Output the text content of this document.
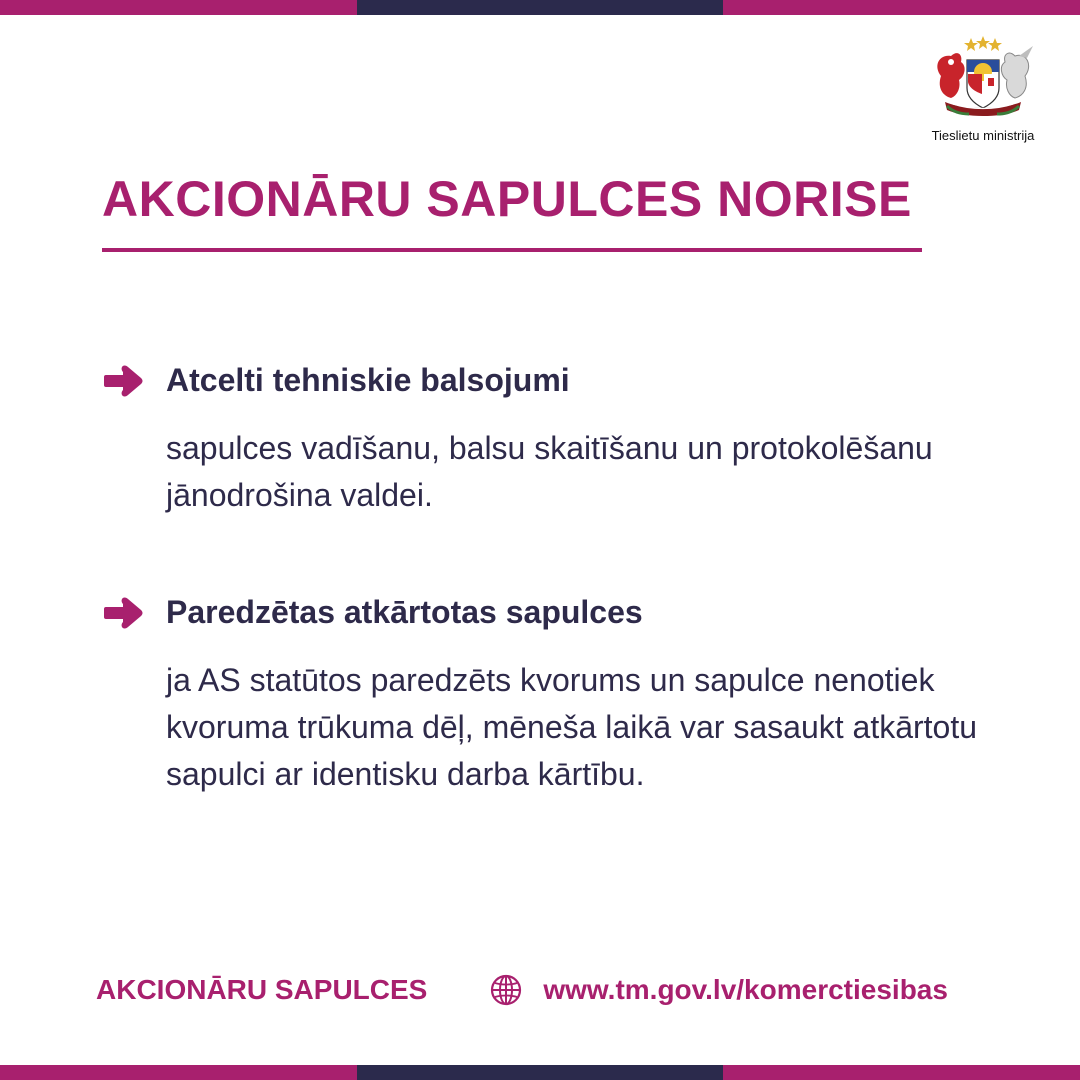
Tieslietu ministrija
AKCIONĀRU SAPULCES NORISE
Atcelti tehniskie balsojumi
sapulces vadīšanu, balsu skaitīšanu un protokolēšanu jānodrošina valdei.
Paredzētas atkārtotas sapulces
ja AS statūtos paredzēts kvorums un sapulce nenotiek kvoruma trūkuma dēļ, mēneša laikā var sasaukt atkārtotu sapulci ar identisku darba kārtību.
AKCIONĀRU SAPULCES	www.tm.gov.lv/komerctiesibas
